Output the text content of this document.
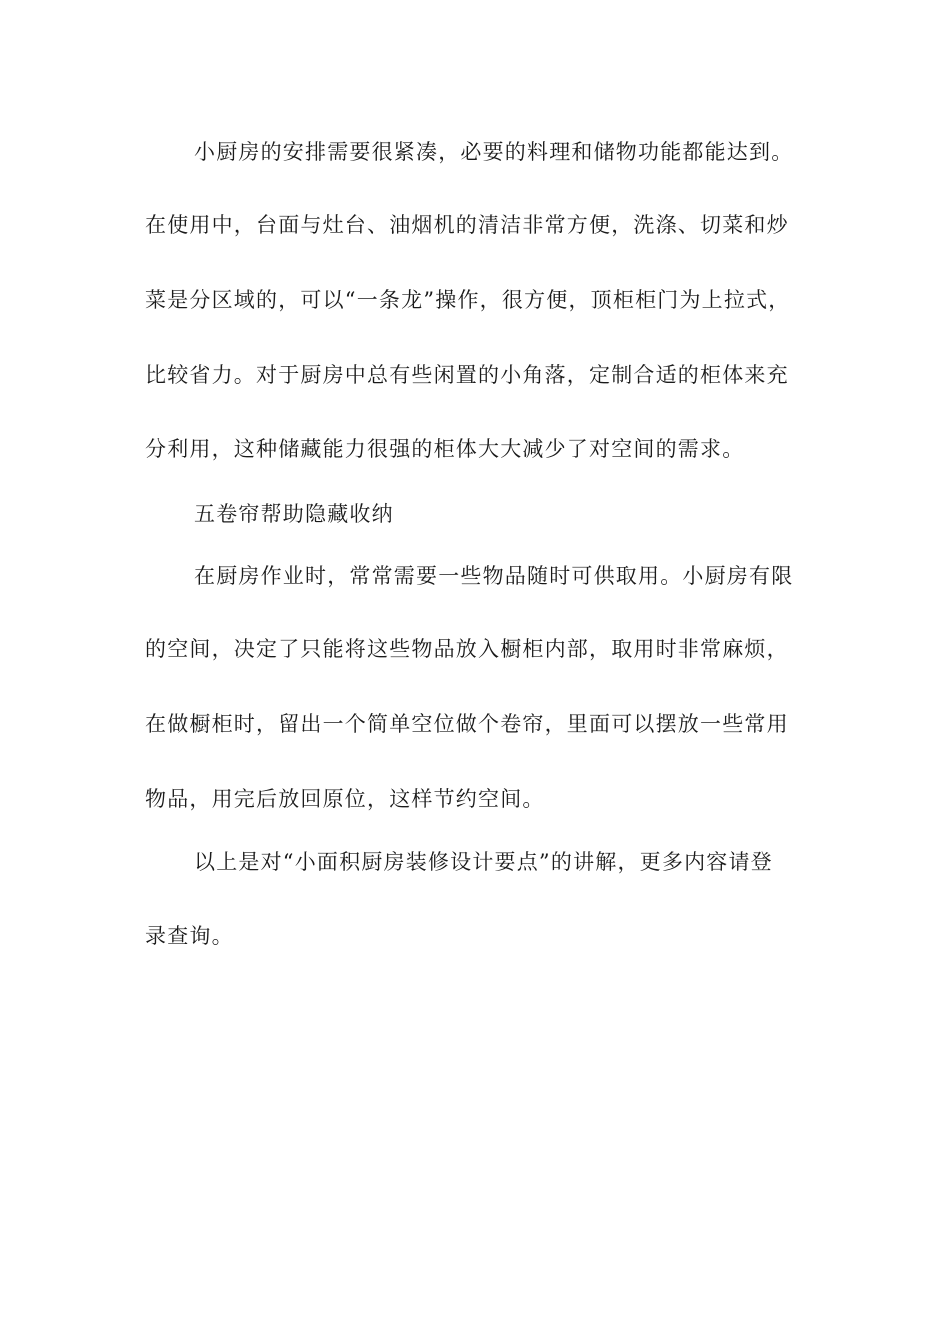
小厨房的安排需要很紧凑，必要的料理和储物功能都能达到。
在使用中，台面与灶台、油烟机的清洁非常方便，洗涤、切菜和炒
菜是分区域的，可以“一条龙”操作，很方便，顶柜柜门为上拉式，
比较省力。对于厨房中总有些闲置的小角落，定制合适的柜体来充
分利用，这种储藏能力很强的柜体大大减少了对空间的需求。
五卷帘帮助隐藏收纳
在厨房作业时，常常需要一些物品随时可供取用。小厨房有限
的空间，决定了只能将这些物品放入橱柜内部，取用时非常麻烦，
在做橱柜时，留出一个简单空位做个卷帘，里面可以摆放一些常用
物品，用完后放回原位，这样节约空间。
以上是对“小面积厨房装修设计要点”的讲解，更多内容请登
录查询。
